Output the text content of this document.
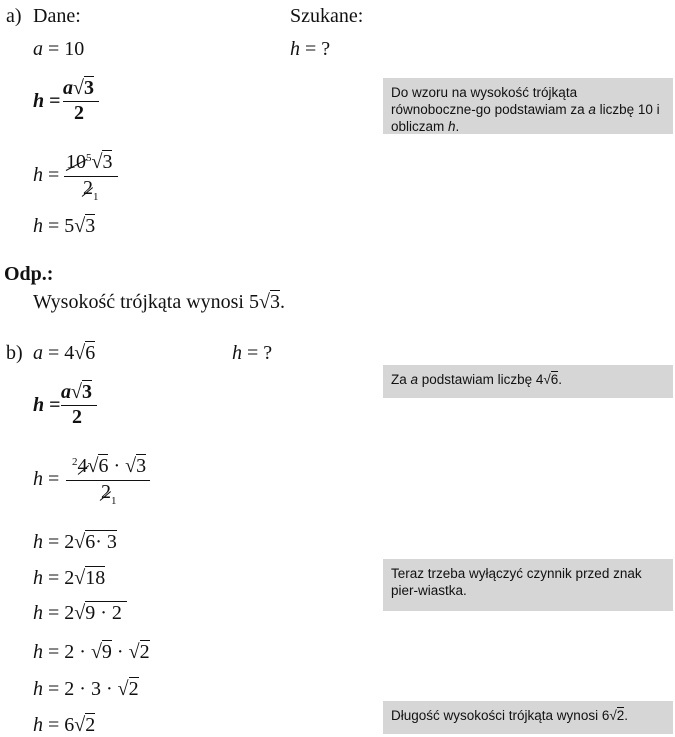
a) Dane:	Szukane:
a = 10	h = ?
h =
a√3
2
Do wzoru na wysokość trójkąta równoboczne-go podstawiam za a liczbę 10 i obliczam h.
h =
$10^5√3$
$2_1$
h = 5√3
Odp.:
Wysokość trójkąta wynosi 5√3.
b) a = 4√6	h = ?
Za a podstawiam liczbę 4√6.
h =
a√3
2
h =
$^2$4√6 · √3
$2_1$
h = 2√6· 3
h = 2√18	Teraz trzeba wyłączyć czynnik przed znak pier-wiastka.
h = 2√9 · 2
h = 2 · √9 · √2
h = 2 · 3 · √2
h = 6√2	Długość wysokości trójkąta wynosi 6√2.
